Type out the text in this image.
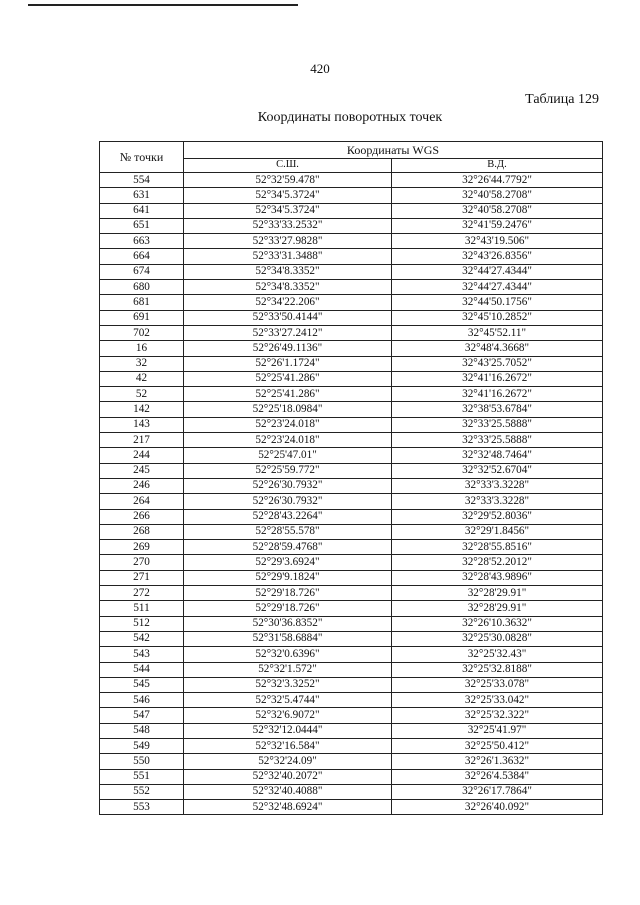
420
Таблица 129
Координаты поворотных точек
№ точки	Координаты WGS	
	С.Ш.	В.Д.
554	52°32'59.478"	32°26'44.7792"
631	52°34'5.3724"	32°40'58.2708"
641	52°34'5.3724"	32°40'58.2708"
651	52°33'33.2532"	32°41'59.2476"
663	52°33'27.9828"	32°43'19.506"
664	52°33'31.3488"	32°43'26.8356"
674	52°34'8.3352"	32°44'27.4344"
680	52°34'8.3352"	32°44'27.4344"
681	52°34'22.206"	32°44'50.1756"
691	52°33'50.4144"	32°45'10.2852"
702	52°33'27.2412"	32°45'52.11"
16	52°26'49.1136"	32°48'4.3668"
32	52°26'1.1724"	32°43'25.7052"
42	52°25'41.286"	32°41'16.2672"
52	52°25'41.286"	32°41'16.2672"
142	52°25'18.0984"	32°38'53.6784"
143	52°23'24.018"	32°33'25.5888"
217	52°23'24.018"	32°33'25.5888"
244	52°25'47.01"	32°32'48.7464"
245	52°25'59.772"	32°32'52.6704"
246	52°26'30.7932"	32°33'3.3228"
264	52°26'30.7932"	32°33'3.3228"
266	52°28'43.2264"	32°29'52.8036"
268	52°28'55.578"	32°29'1.8456"
269	52°28'59.4768"	32°28'55.8516"
270	52°29'3.6924"	32°28'52.2012"
271	52°29'9.1824"	32°28'43.9896"
272	52°29'18.726"	32°28'29.91"
511	52°29'18.726"	32°28'29.91"
512	52°30'36.8352"	32°26'10.3632"
542	52°31'58.6884"	32°25'30.0828"
543	52°32'0.6396"	32°25'32.43"
544	52°32'1.572"	32°25'32.8188"
545	52°32'3.3252"	32°25'33.078"
546	52°32'5.4744"	32°25'33.042"
547	52°32'6.9072"	32°25'32.322"
548	52°32'12.0444"	32°25'41.97"
549	52°32'16.584"	32°25'50.412"
550	52°32'24.09"	32°26'1.3632"
551	52°32'40.2072"	32°26'4.5384"
552	52°32'40.4088"	32°26'17.7864"
553	52°32'48.6924"	32°26'40.092"
